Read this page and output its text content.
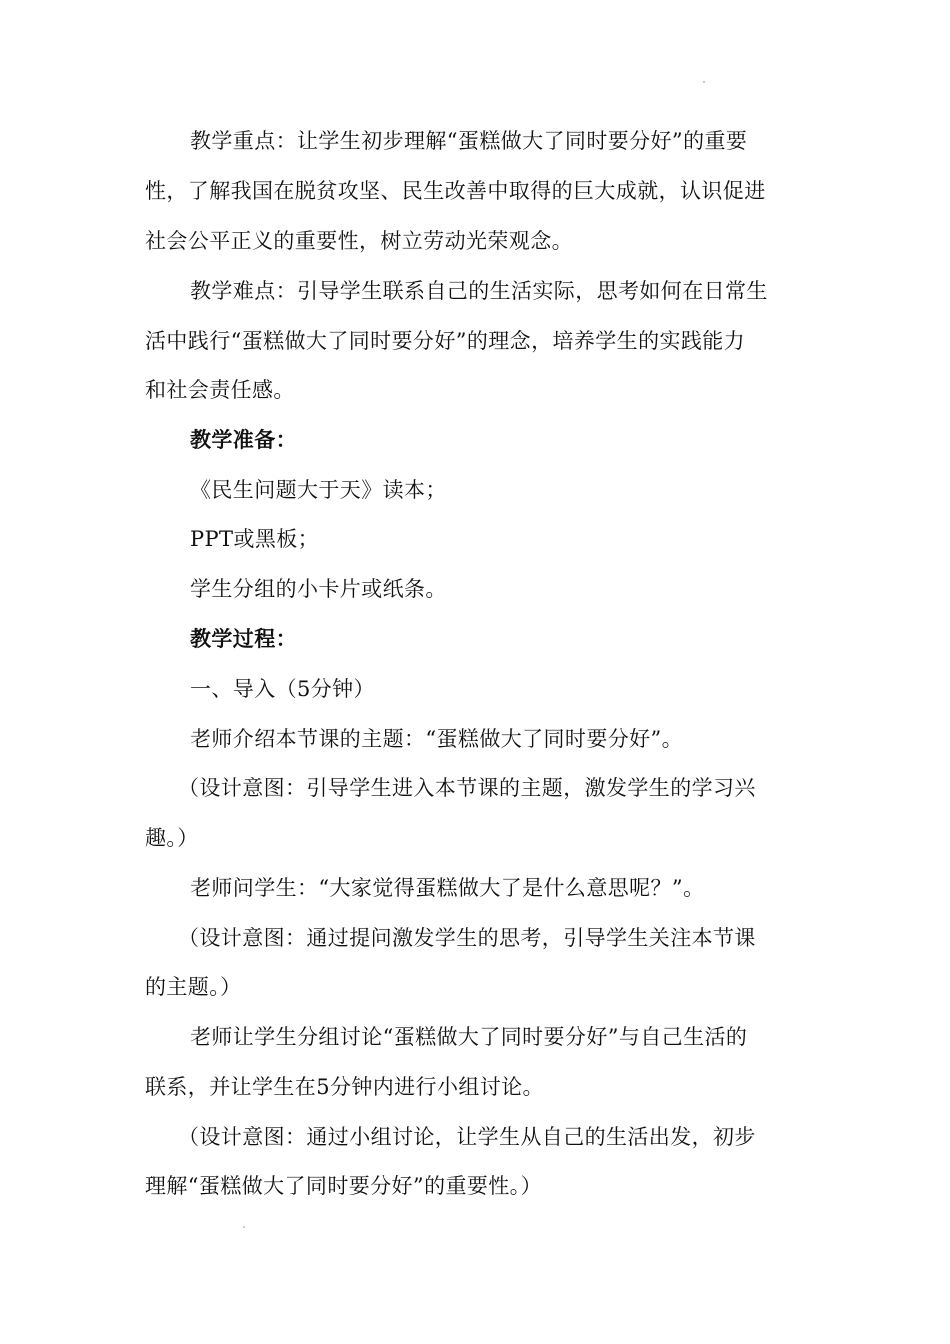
教学重点：让学生初步理解“蛋糕做大了同时要分好”的重要
性，了解我国在脱贫攻坚、民生改善中取得的巨大成就，认识促进
社会公平正义的重要性，树立劳动光荣观念。
教学难点：引导学生联系自己的生活实际，思考如何在日常生
活中践行“蛋糕做大了同时要分好”的理念，培养学生的实践能力
和社会责任感。
教学准备：
《民生问题大于天》读本；
PPT或黑板；
学生分组的小卡片或纸条。
教学过程：
一、导入（5分钟）
老师介绍本节课的主题：“蛋糕做大了同时要分好”。
（设计意图：引导学生进入本节课的主题，激发学生的学习兴
趣。）
老师问学生：“大家觉得蛋糕做大了是什么意思呢？”。
（设计意图：通过提问激发学生的思考，引导学生关注本节课
的主题。）
老师让学生分组讨论“蛋糕做大了同时要分好”与自己生活的
联系，并让学生在5分钟内进行小组讨论。
（设计意图：通过小组讨论，让学生从自己的生活出发，初步
理解“蛋糕做大了同时要分好”的重要性。）
